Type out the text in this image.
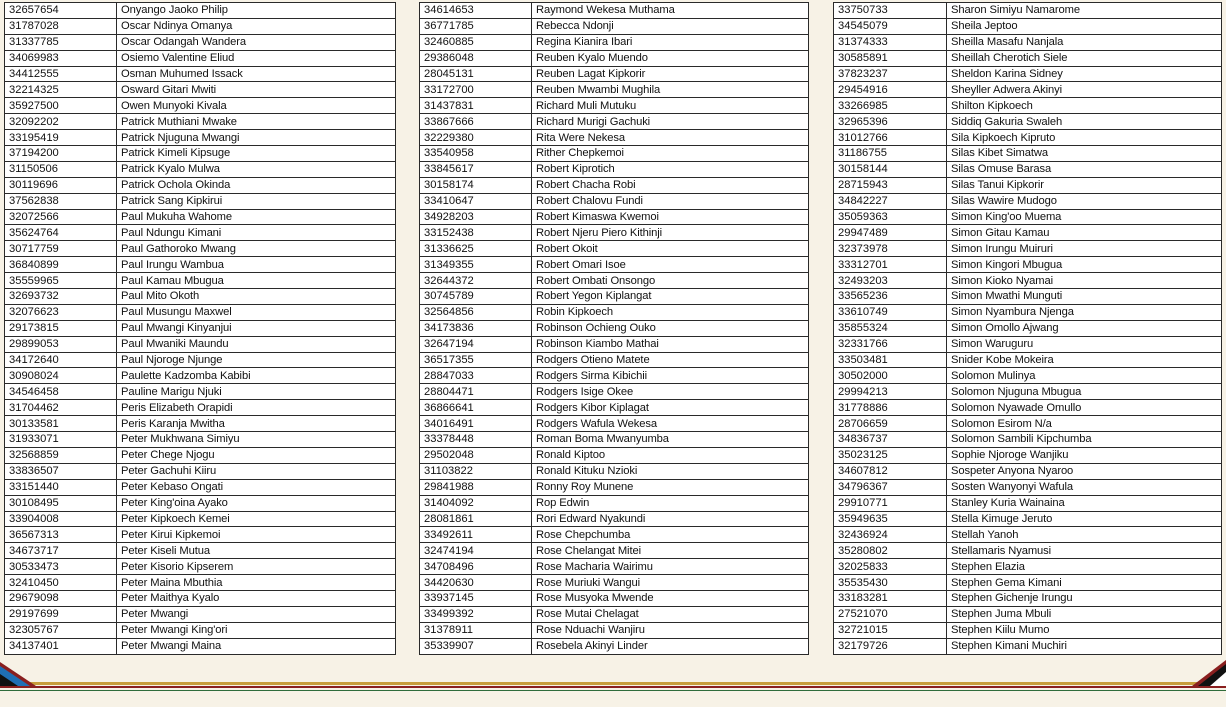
32657654	Onyango Jaoko Philip
31787028	Oscar Ndinya Omanya
31337785	Oscar Odangah Wandera
34069983	Osiemo Valentine Eliud
34412555	Osman Muhumed Issack
32214325	Osward Gitari Mwiti
35927500	Owen Munyoki Kivala
32092202	Patrick Muthiani Mwake
33195419	Patrick Njuguna Mwangi
37194200	Patrick Kimeli Kipsuge
31150506	Patrick Kyalo Mulwa
30119696	Patrick Ochola Okinda
37562838	Patrick Sang Kipkirui
32072566	Paul Mukuha Wahome
35624764	Paul Ndungu Kimani
30717759	Paul Gathoroko Mwang
36840899	Paul Irungu Wambua
35559965	Paul Kamau Mbugua
32693732	Paul Mito Okoth
32076623	Paul Musungu Maxwel
29173815	Paul Mwangi Kinyanjui
29899053	Paul Mwaniki Maundu
34172640	Paul Njoroge Njunge
30908024	Paulette Kadzomba Kabibi
34546458	Pauline Marigu Njuki
31704462	Peris Elizabeth Orapidi
30133581	Peris Karanja Mwitha
31933071	Peter Mukhwana Simiyu
32568859	Peter Chege Njogu
33836507	Peter Gachuhi Kiiru
33151440	Peter Kebaso Ongati
30108495	Peter King'oina Ayako
33904008	Peter Kipkoech Kemei
36567313	Peter Kirui Kipkemoi
34673717	Peter Kiseli Mutua
30533473	Peter Kisorio Kipserem
32410450	Peter Maina Mbuthia
29679098	Peter Maithya Kyalo
29197699	Peter Mwangi
32305767	Peter Mwangi King'ori
34137401	Peter Mwangi Maina
34614653	Raymond Wekesa Muthama
36771785	Rebecca Ndonji
32460885	Regina Kianira Ibari
29386048	Reuben Kyalo Muendo
28045131	Reuben Lagat Kipkorir
33172700	Reuben Mwambi Mughila
31437831	Richard Muli Mutuku
33867666	Richard Murigi Gachuki
32229380	Rita Were Nekesa
33540958	Rither Chepkemoi
33845617	Robert Kiprotich
30158174	Robert Chacha Robi
33410647	Robert Chalovu Fundi
34928203	Robert Kimaswa Kwemoi
33152438	Robert Njeru Piero Kithinji
31336625	Robert Okoit
31349355	Robert Omari Isoe
32644372	Robert Ombati Onsongo
30745789	Robert Yegon Kiplangat
32564856	Robin Kipkoech
34173836	Robinson Ochieng Ouko
32647194	Robinson Kiambo Mathai
36517355	Rodgers Otieno Matete
28847033	Rodgers Sirma Kibichii
28804471	Rodgers Isige Okee
36866641	Rodgers Kibor Kiplagat
34016491	Rodgers Wafula Wekesa
33378448	Roman Boma Mwanyumba
29502048	Ronald Kiptoo
31103822	Ronald Kituku Nzioki
29841988	Ronny Roy Munene
31404092	Rop Edwin
28081861	Rori Edward Nyakundi
33492611	Rose Chepchumba
32474194	Rose Chelangat Mitei
34708496	Rose Macharia Wairimu
34420630	Rose Muriuki Wangui
33937145	Rose Musyoka Mwende
33499392	Rose Mutai Chelagat
31378911	Rose Nduachi Wanjiru
35339907	Rosebela Akinyi Linder
33750733	Sharon Simiyu Namarome
34545079	Sheila Jeptoo
31374333	Sheilla Masafu Nanjala
30585891	Sheillah Cherotich Siele
37823237	Sheldon Karina Sidney
29454916	Sheyller Adwera Akinyi
33266985	Shilton Kipkoech
32965396	Siddiq Gakuria Swaleh
31012766	Sila Kipkoech Kipruto
31186755	Silas Kibet Simatwa
30158144	Silas Omuse Barasa
28715943	Silas Tanui Kipkorir
34842227	Silas Wawire Mudogo
35059363	Simon King'oo Muema
29947489	Simon Gitau Kamau
32373978	Simon Irungu Muiruri
33312701	Simon Kingori Mbugua
32493203	Simon Kioko Nyamai
33565236	Simon Mwathi Munguti
33610749	Simon Nyambura Njenga
35855324	Simon Omollo Ajwang
32331766	Simon Waruguru
33503481	Snider Kobe Mokeira
30502000	Solomon Mulinya
29994213	Solomon Njuguna Mbugua
31778886	Solomon Nyawade Omullo
28706659	Solomon Esirom N/a
34836737	Solomon Sambili Kipchumba
35023125	Sophie Njoroge Wanjiku
34607812	Sospeter Anyona Nyaroo
34796367	Sosten Wanyonyi Wafula
29910771	Stanley Kuria Wainaina
35949635	Stella Kimuge Jeruto
32436924	Stellah Yanoh
35280802	Stellamaris Nyamusi
32025833	Stephen Elazia
35535430	Stephen Gema Kimani
33183281	Stephen Gichenje Irungu
27521070	Stephen Juma Mbuli
32721015	Stephen Kiilu Mumo
32179726	Stephen Kimani Muchiri
